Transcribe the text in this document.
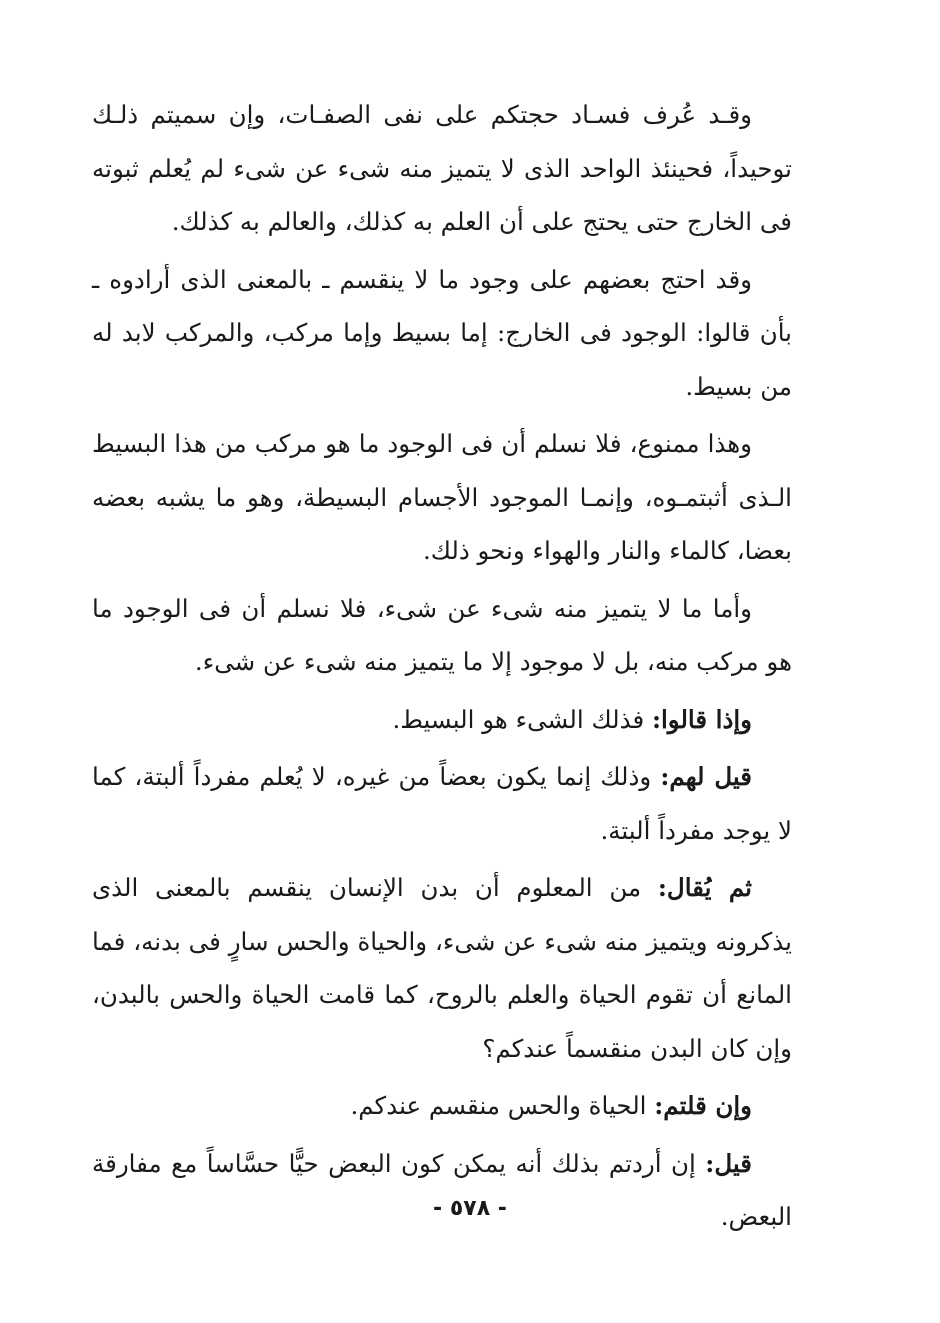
وقـد عُرف فسـاد حجتكم على نفى الصفـات، وإن سميتم ذلـك توحيداً، فحينئذ الواحد الذى لا يتميز منه شىء عن شىء لم يُعلم ثبوته فى الخارج حتى يحتج على أن العلم به كذلك، والعالم به كذلك.

وقد احتج بعضهم على وجود ما لا ينقسم ـ بالمعنى الذى أرادوه ـ بأن قالوا: الوجود فى الخارج: إما بسيط وإما مركب، والمركب لابد له من بسيط.

وهذا ممنوع، فلا نسلم أن فى الوجود ما هو مركب من هذا البسيط الـذى أثبتمـوه، وإنمـا الموجود الأجسام البسيطة، وهو ما يشبه بعضه بعضا، كالماء والنار والهواء ونحو ذلك.

وأما ما لا يتميز منه شىء عن شىء، فلا نسلم أن فى الوجود ما هو مركب منه، بل لا موجود إلا ما يتميز منه شىء عن شىء.

وإذا قالوا: فذلك الشىء هو البسيط.

قيل لهم: وذلك إنما يكون بعضاً من غيره، لا يُعلم مفرداً ألبتة، كما لا يوجد مفرداً ألبتة.

ثم يُقال: من المعلوم أن بدن الإنسان ينقسم بالمعنى الذى يذكرونه ويتميز منه شىء عن شىء، والحياة والحس سارٍ فى بدنه، فما المانع أن تقوم الحياة والعلم بالروح، كما قامت الحياة والحس بالبدن، وإن كان البدن منقسماً عندكم؟

وإن قلتم: الحياة والحس منقسم عندكم.

قيل: إن أردتم بذلك أنه يمكن كون البعض حيًّا حسَّاساً مع مفارقة البعض.

- ٥٧٨ -
